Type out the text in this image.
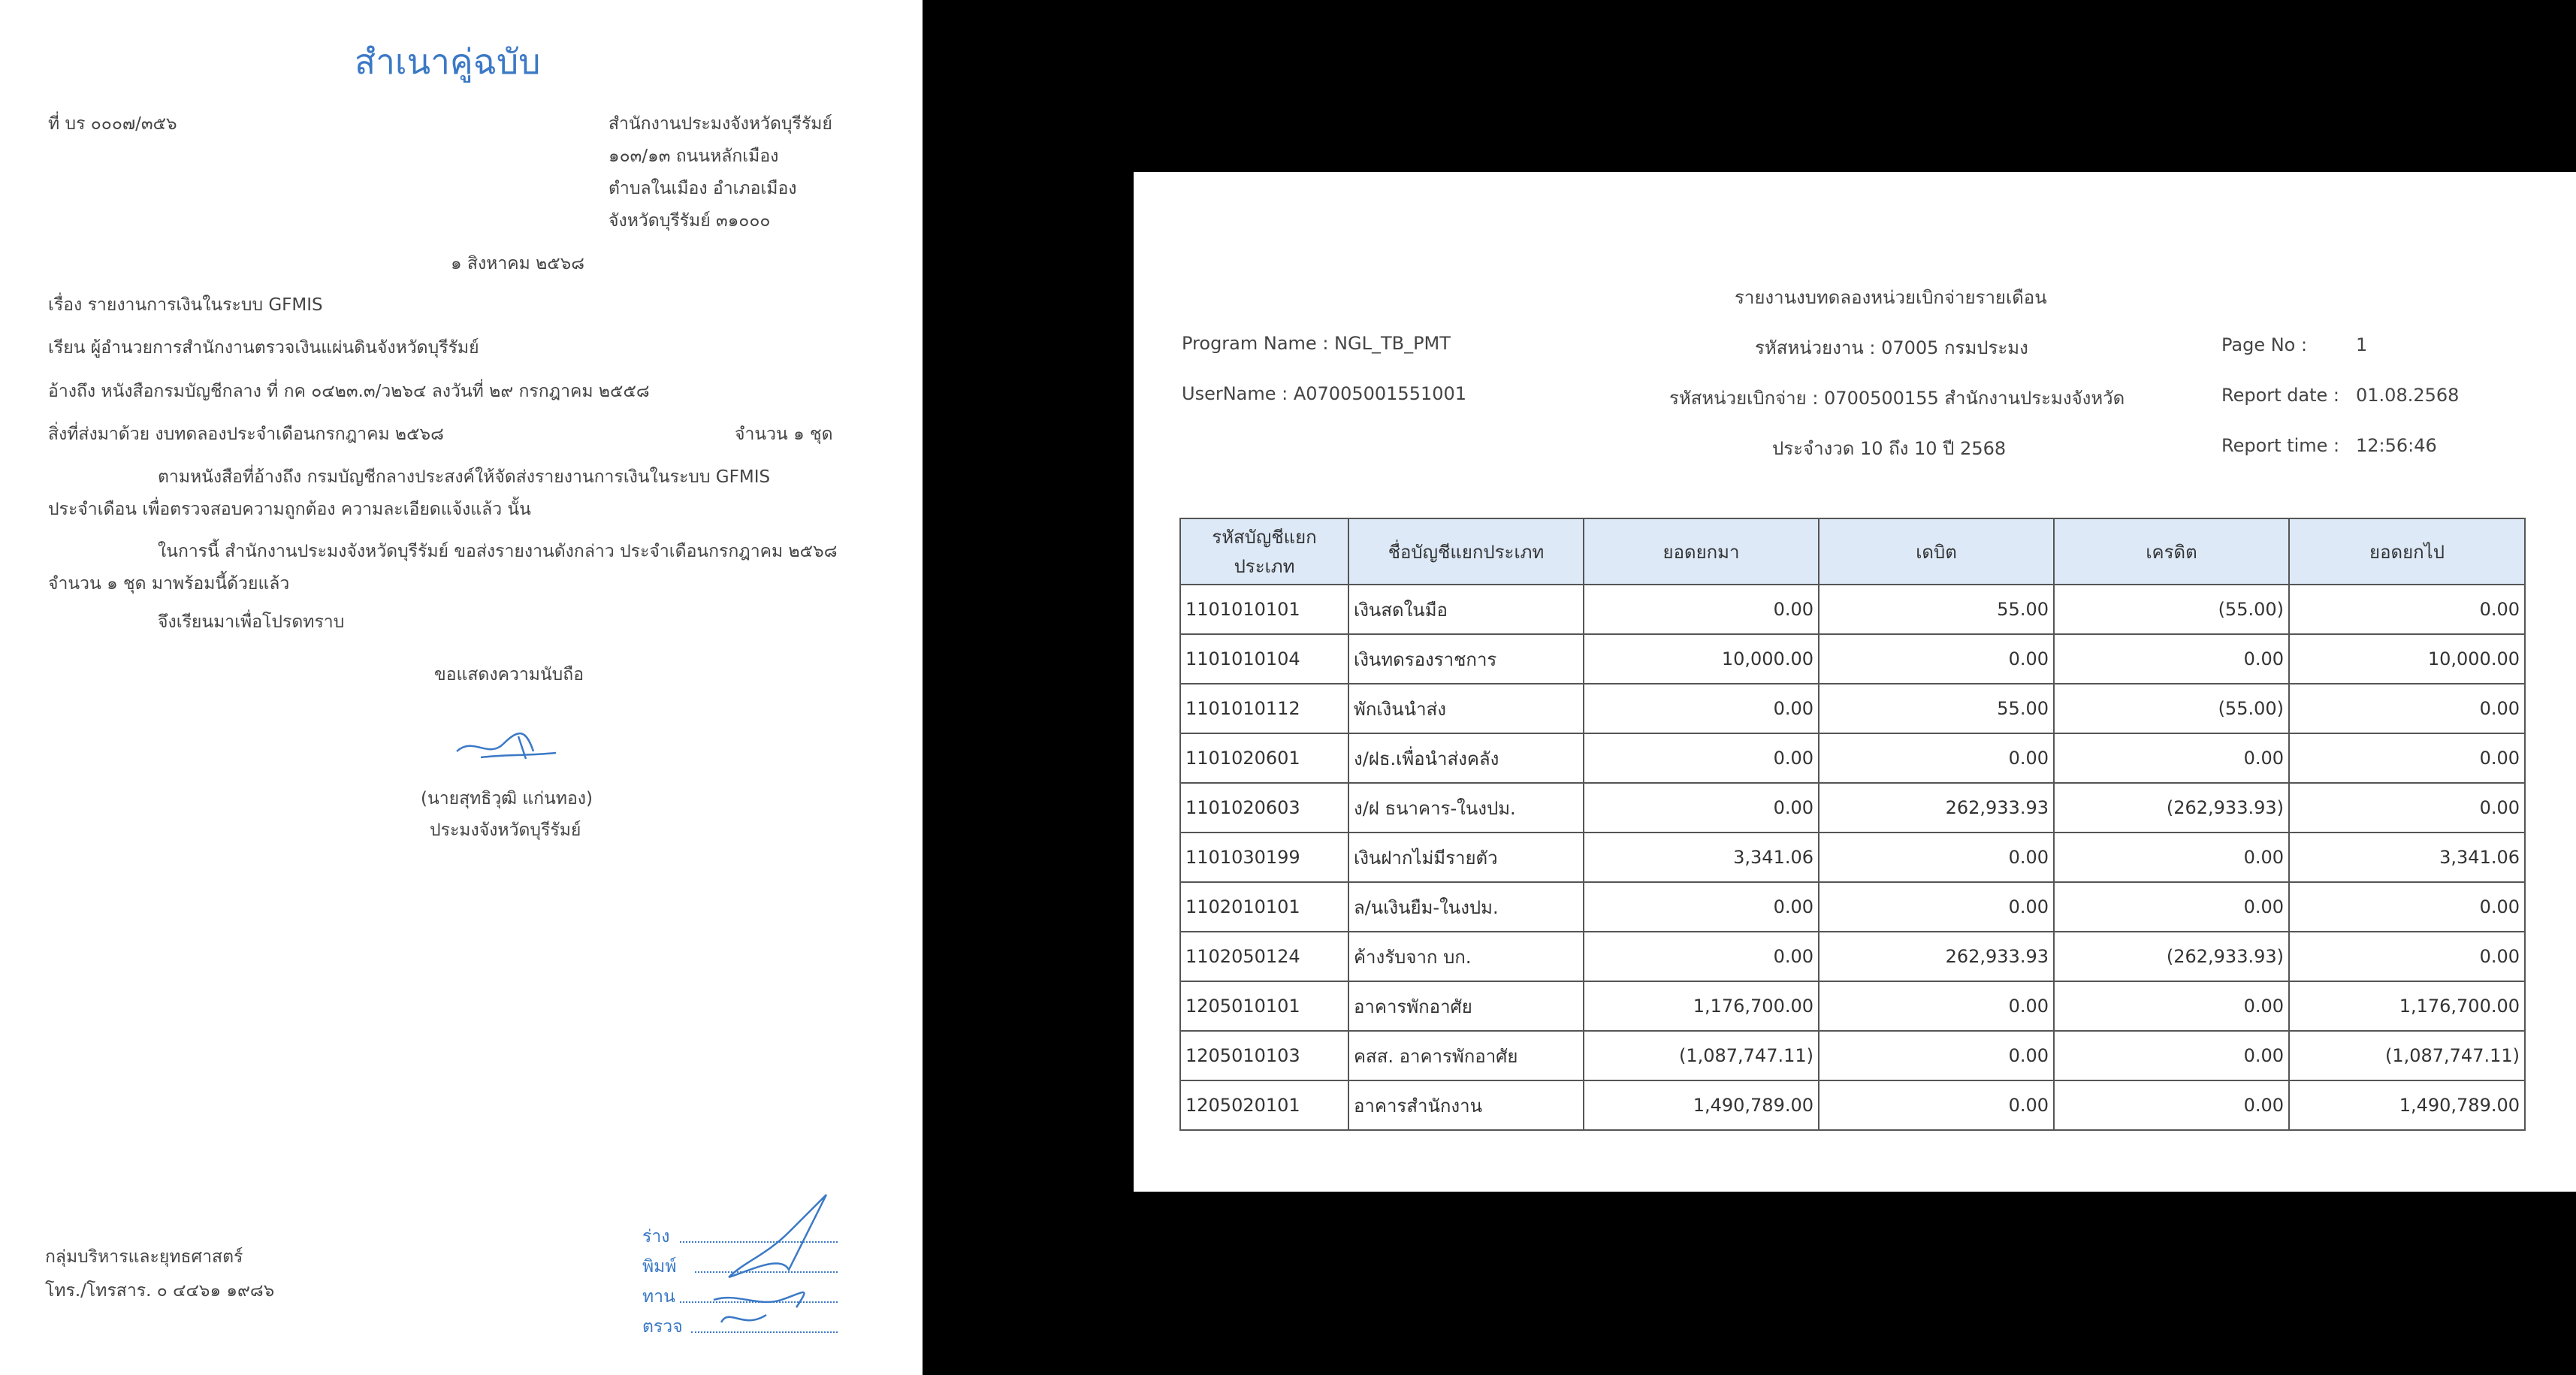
สำเนาคู่ฉบับ
ที่ บร ๐๐๐๗/๓๕๖	สำนักงานประมงจังหวัดบุรีรัมย์
๑๐๓/๑๓ ถนนหลักเมือง
ตำบลในเมือง อำเภอเมือง
จังหวัดบุรีรัมย์ ๓๑๐๐๐
๑ สิงหาคม ๒๕๖๘
เรื่อง รายงานการเงินในระบบ GFMIS
เรียน ผู้อำนวยการสำนักงานตรวจเงินแผ่นดินจังหวัดบุรีรัมย์
อ้างถึง หนังสือกรมบัญชีกลาง ที่ กค ๐๔๒๓.๓/ว๒๖๔ ลงวันที่ ๒๙ กรกฎาคม ๒๕๕๘
สิ่งที่ส่งมาด้วย งบทดลองประจำเดือนกรกฎาคม ๒๕๖๘	จำนวน ๑ ชุด
ตามหนังสือที่อ้างถึง กรมบัญชีกลางประสงค์ให้จัดส่งรายงานการเงินในระบบ GFMIS
ประจำเดือน เพื่อตรวจสอบความถูกต้อง ความละเอียดแจ้งแล้ว นั้น
ในการนี้ สำนักงานประมงจังหวัดบุรีรัมย์ ขอส่งรายงานดังกล่าว ประจำเดือนกรกฎาคม ๒๕๖๘
จำนวน ๑ ชุด มาพร้อมนี้ด้วยแล้ว
จึงเรียนมาเพื่อโปรดทราบ
ขอแสดงความนับถือ
(นายสุทธิวุฒิ แก่นทอง)
ประมงจังหวัดบุรีรัมย์
กลุ่มบริหารและยุทธศาสตร์
โทร./โทรสาร. ๐ ๔๔๖๑ ๑๙๘๖
ร่าง
พิมพ์
ทาน
ตรวจ
รายงานงบทดลองหน่วยเบิกจ่ายรายเดือน
Program Name : NGL_TB_PMT
UserName : A07005001551001
รหัสหน่วยงาน : 07005 กรมประมง
รหัสหน่วยเบิกจ่าย : 0700500155 สำนักงานประมงจังหวัด
ประจำงวด 10 ถึง 10 ปี 2568
Page No :	1
Report date : 01.08.2568
Report time : 12:56:46
รหัสบัญชีแยกประเภท	ชื่อบัญชีแยกประเภท	ยอดยกมา	เดบิต	เครดิต	ยอดยกไป
1101010101	เงินสดในมือ	0.00	55.00	(55.00)	0.00
1101010104	เงินทดรองราชการ	10,000.00	0.00	0.00	10,000.00
1101010112	พักเงินนำส่ง	0.00	55.00	(55.00)	0.00
1101020601	ง/ฝธ.เพื่อนำส่งคลัง	0.00	0.00	0.00	0.00
1101020603	ง/ฝ ธนาคาร-ในงปม.	0.00	262,933.93	(262,933.93)	0.00
1101030199	เงินฝากไม่มีรายตัว	3,341.06	0.00	0.00	3,341.06
1102010101	ล/นเงินยืม-ในงปม.	0.00	0.00	0.00	0.00
1102050124	ค้างรับจาก บก.	0.00	262,933.93	(262,933.93)	0.00
1205010101	อาคารพักอาศัย	1,176,700.00	0.00	0.00	1,176,700.00
1205010103	คสส. อาคารพักอาศัย	(1,087,747.11)	0.00	0.00	(1,087,747.11)
1205020101	อาคารสำนักงาน	1,490,789.00	0.00	0.00	1,490,789.00
